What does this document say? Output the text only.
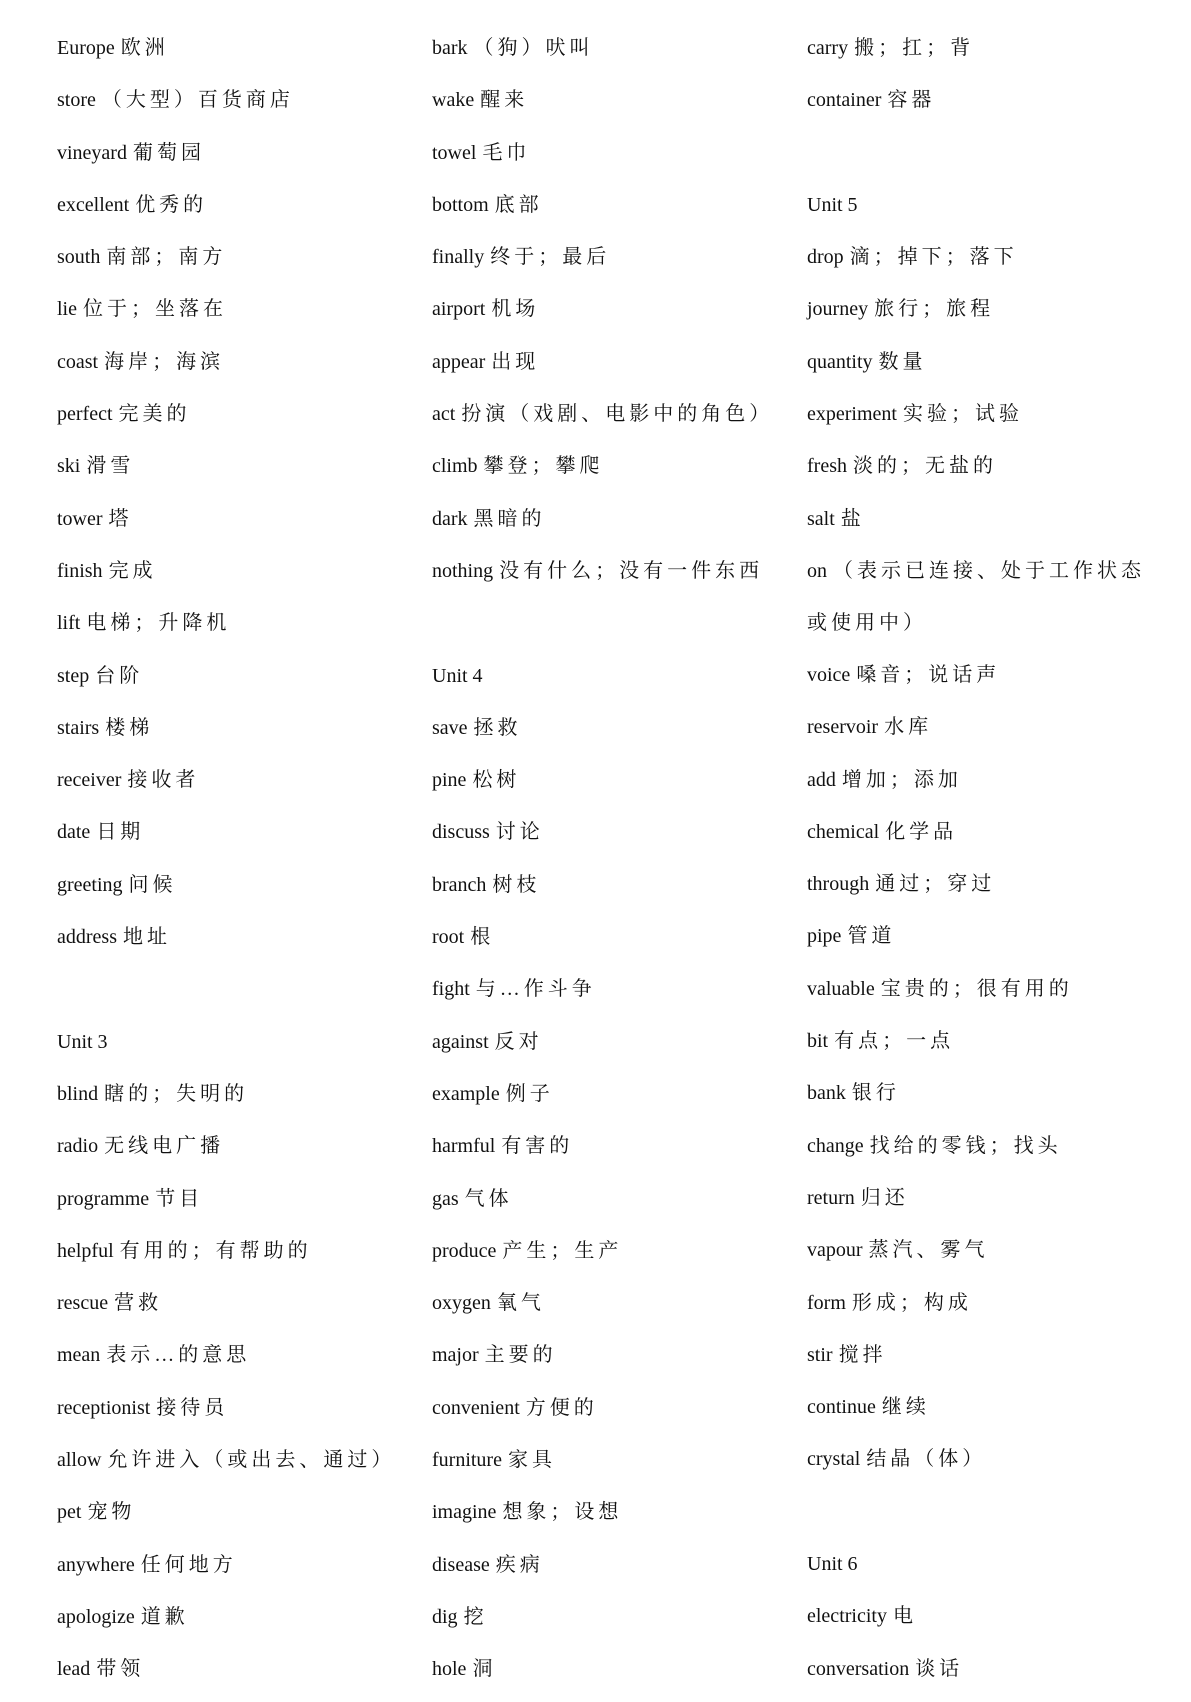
Europe 欧洲
store （大型）百货商店
vineyard 葡萄园
excellent 优秀的
south 南部；南方
lie 位于；坐落在
coast 海岸；海滨
perfect 完美的
ski 滑雪
tower 塔
finish 完成
lift 电梯；升降机
step 台阶
stairs 楼梯
receiver 接收者
date 日期
greeting 问候
address 地址
Unit 3
blind 瞎的；失明的
radio 无线电广播
programme 节目
helpful 有用的；有帮助的
rescue 营救
mean 表示…的意思
receptionist 接待员
allow 允许进入（或出去、通过）
pet 宠物
anywhere 任何地方
apologize 道歉
lead 带领
bark （狗）吠叫
wake 醒来
towel 毛巾
bottom 底部
finally 终于；最后
airport 机场
appear 出现
act 扮演（戏剧、电影中的角色）
climb 攀登；攀爬
dark 黑暗的
nothing 没有什么；没有一件东西
Unit 4
save 拯救
pine 松树
discuss 讨论
branch 树枝
root 根
fight 与…作斗争
against 反对
example 例子
harmful 有害的
gas 气体
produce 产生；生产
oxygen 氧气
major 主要的
convenient 方便的
furniture 家具
imagine 想象；设想
disease 疾病
dig 挖
hole 洞
carry 搬；扛；背
container 容器
Unit 5
drop 滴；掉下；落下
journey 旅行；旅程
quantity 数量
experiment 实验；试验
fresh 淡的；无盐的
salt 盐
on （表示已连接、处于工作状态或使用中）
voice 嗓音；说话声
reservoir 水库
add 增加；添加
chemical 化学品
through 通过；穿过
pipe 管道
valuable 宝贵的；很有用的
bit 有点；一点
bank 银行
change 找给的零钱；找头
return 归还
vapour 蒸汽、雾气
form 形成；构成
stir 搅拌
continue 继续
crystal 结晶（体）
Unit 6
electricity 电
conversation 谈话
